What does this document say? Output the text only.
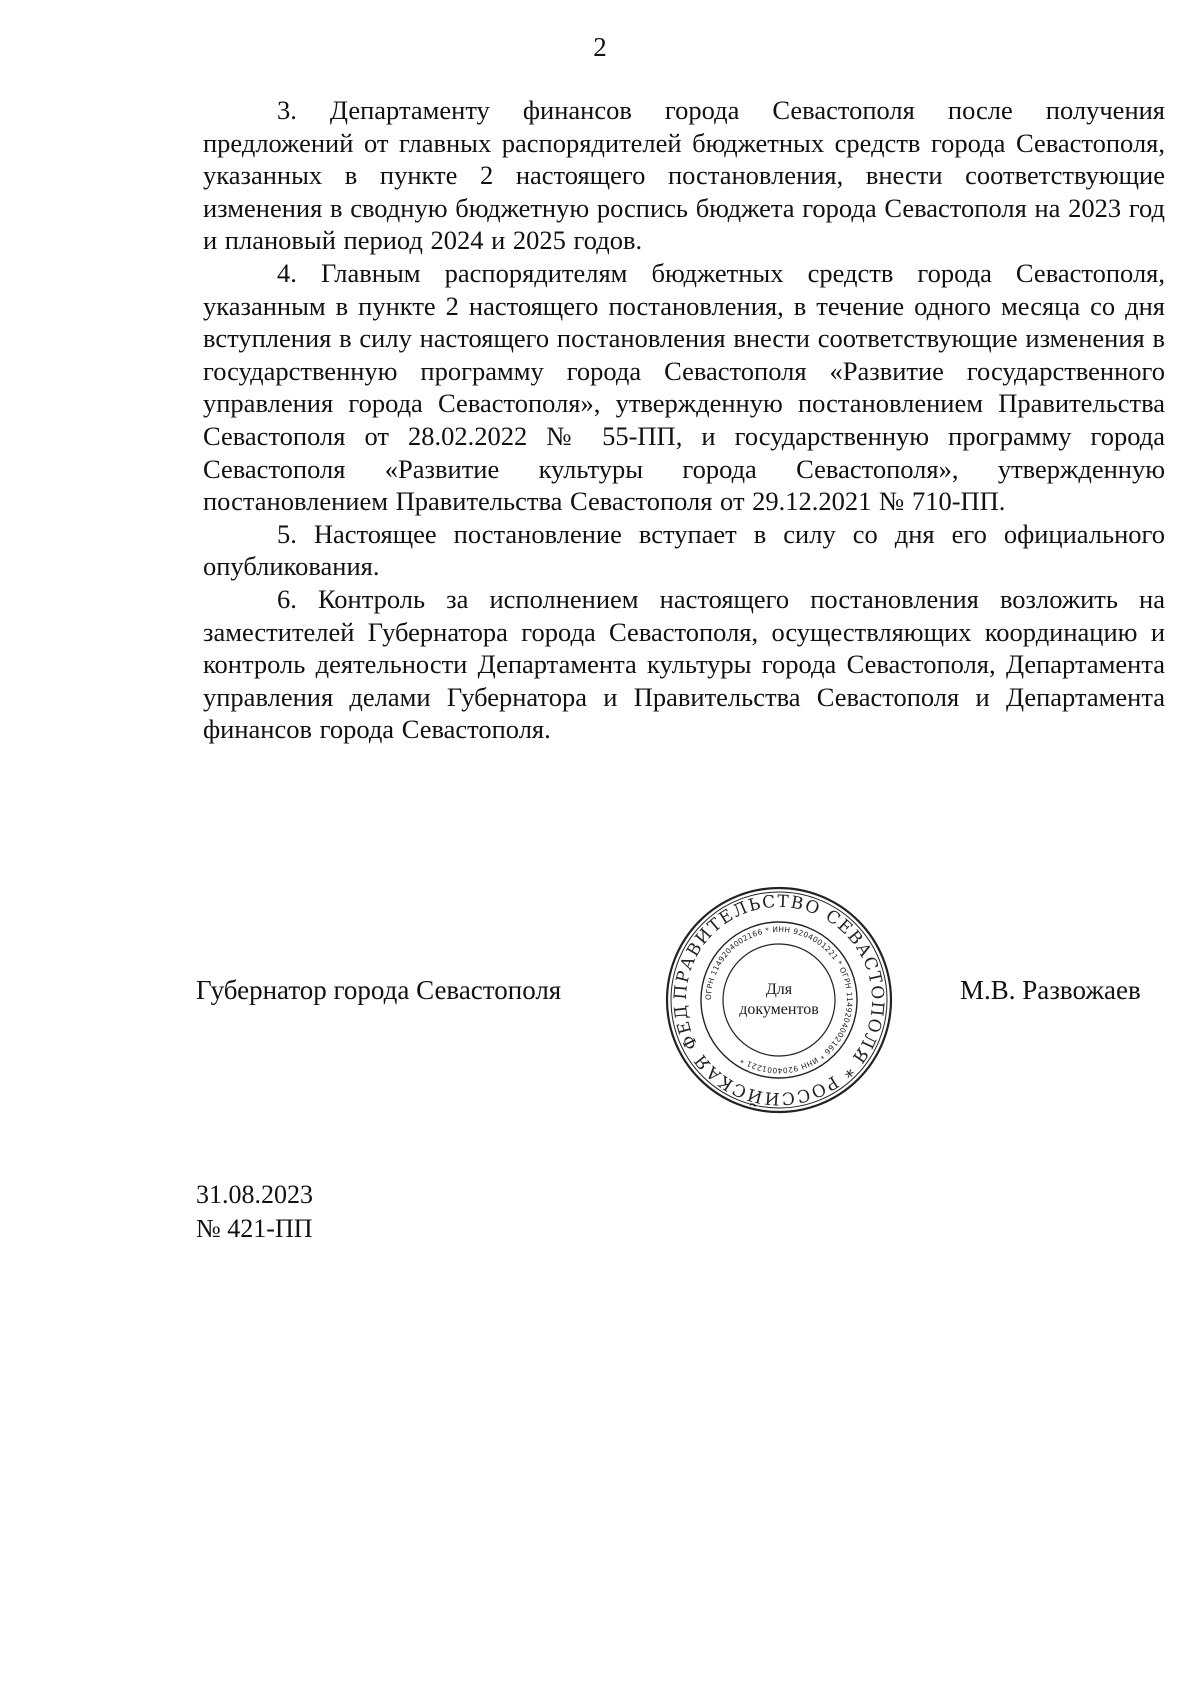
2

3. Департаменту финансов города Севастополя после получения предложений от главных распорядителей бюджетных средств города Севастополя, указанных в пункте 2 настоящего постановления, внести соответствующие изменения в сводную бюджетную роспись бюджета города Севастополя на 2023 год и плановый период 2024 и 2025 годов.

4. Главным распорядителям бюджетных средств города Севастополя, указанным в пункте 2 настоящего постановления, в течение одного месяца со дня вступления в силу настоящего постановления внести соответствующие изменения в государственную программу города Севастополя «Развитие государственного управления города Севастополя», утвержденную постановлением Правительства Севастополя от 28.02.2022 № 55-ПП, и государственную программу города Севастополя «Развитие культуры города Севастополя», утвержденную постановлением Правительства Севастополя от 29.12.2021 № 710-ПП.

5. Настоящее постановление вступает в силу со дня его официального опубликования.

6. Контроль за исполнением настоящего постановления возложить на заместителей Губернатора города Севастополя, осуществляющих координацию и контроль деятельности Департамента культуры города Севастополя, Департамента управления делами Губернатора и Правительства Севастополя и Департамента финансов города Севастополя.

Губернатор города Севастополя	ПРАВИТЕЛЬСТВО СЕВАСТОПОЛЯ * РОССИЙСКАЯ ФЕД
ОГРН 1149204002166 * ИНН 9204001221 * ОГРН 1149204002166 * ИНН 9204001221 *
Для
документов
М.В. Развожаев
31.08.2023
№ 421-ПП
